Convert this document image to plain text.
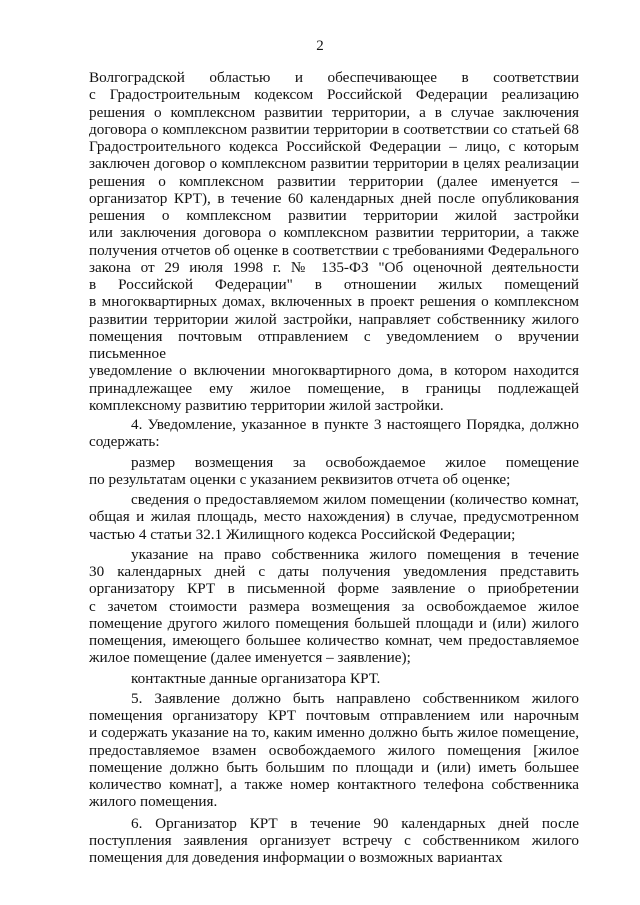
2
Волгоградской областью и обеспечивающее в соответствии
с Градостроительным кодексом Российской Федерации реализацию
решения о комплексном развитии территории, а в случае заключения
договора о комплексном развитии территории в соответствии со статьей 68
Градостроительного кодекса Российской Федерации – лицо, с которым
заключен договор о комплексном развитии территории в целях реализации
решения о комплексном развитии территории (далее именуется –
организатор КРТ), в течение 60 календарных дней после опубликования
решения о комплексном развитии территории жилой застройки
или заключения договора о комплексном развитии территории, а также
получения отчетов об оценке в соответствии с требованиями Федерального
закона от 29 июля 1998 г. № 135-ФЗ "Об оценочной деятельности
в Российской Федерации" в отношении жилых помещений
в многоквартирных домах, включенных в проект решения о комплексном
развитии территории жилой застройки, направляет собственнику жилого
помещения почтовым отправлением с уведомлением о вручении письменное
уведомление о включении многоквартирного дома, в котором находится
принадлежащее ему жилое помещение, в границы подлежащей
комплексному развитию территории жилой застройки.
4. Уведомление, указанное в пункте 3 настоящего Порядка, должно
содержать:
размер возмещения за освобождаемое жилое помещение
по результатам оценки с указанием реквизитов отчета об оценке;
сведения о предоставляемом жилом помещении (количество комнат,
общая и жилая площадь, место нахождения) в случае, предусмотренном
частью 4 статьи 32.1 Жилищного кодекса Российской Федерации;
указание на право собственника жилого помещения в течение
30 календарных дней с даты получения уведомления представить
организатору КРТ в письменной форме заявление о приобретении
с зачетом стоимости размера возмещения за освобождаемое жилое
помещение другого жилого помещения большей площади и (или) жилого
помещения, имеющего большее количество комнат, чем предоставляемое
жилое помещение (далее именуется – заявление);
контактные данные организатора КРТ.
5. Заявление должно быть направлено собственником жилого
помещения организатору КРТ почтовым отправлением или нарочным
и содержать указание на то, каким именно должно быть жилое помещение,
предоставляемое взамен освобождаемого жилого помещения [жилое
помещение должно быть большим по площади и (или) иметь большее
количество комнат], а также номер контактного телефона собственника
жилого помещения.
6. Организатор КРТ в течение 90 календарных дней после
поступления заявления организует встречу с собственником жилого
помещения для доведения информации о возможных вариантах
